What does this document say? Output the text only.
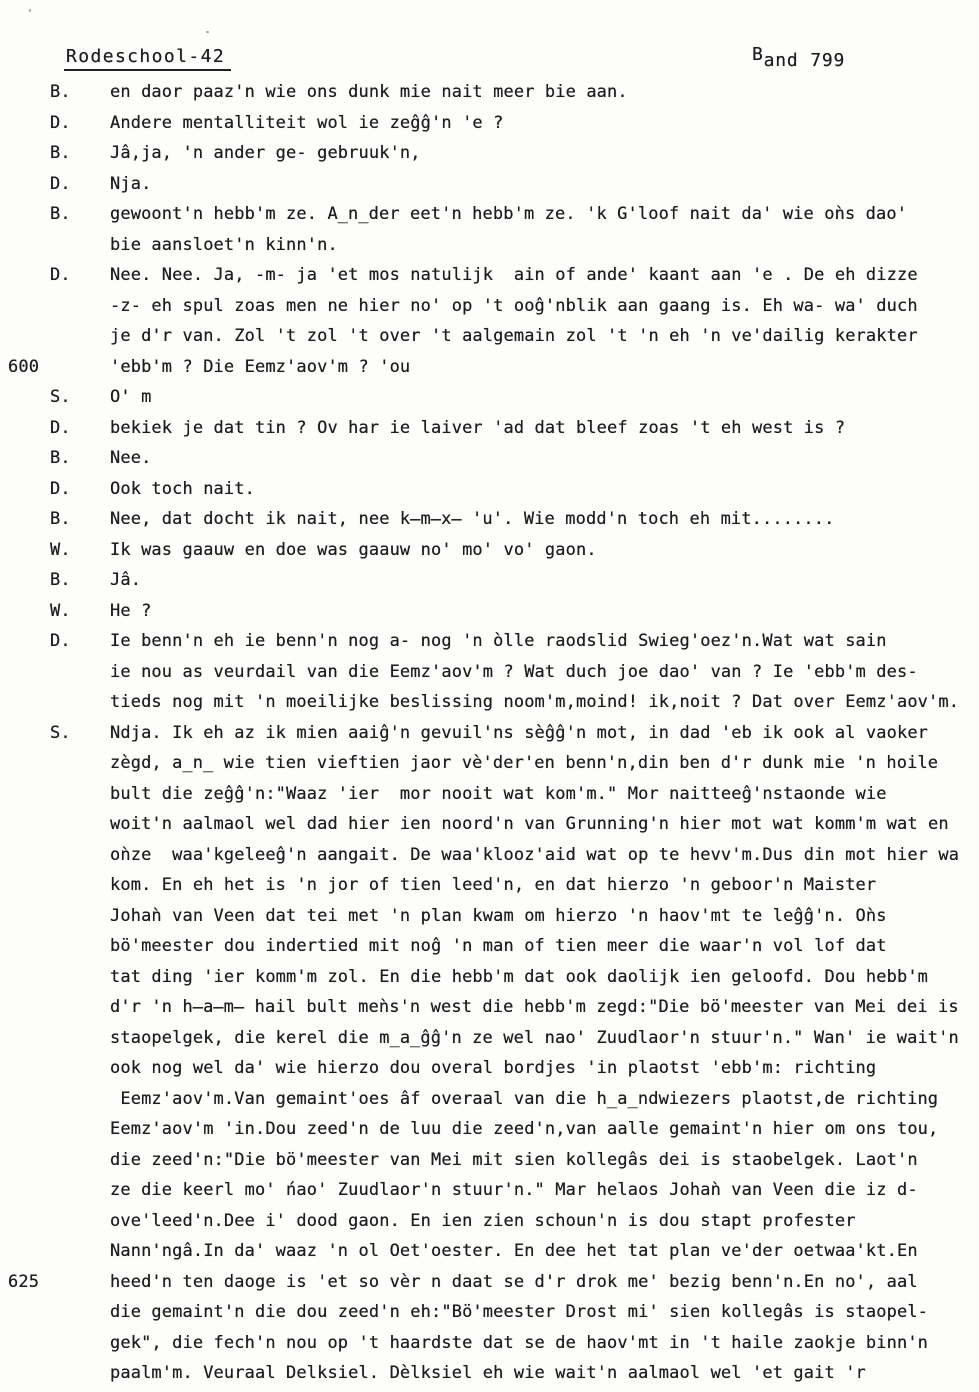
Rodeschool-42	Band 799
B. en daor paaz'n wie ons dunk mie nait meer bie aan.
D. Andere mentalliteit wol ie zeĝĝ'n 'e ?
B. Jâ,ja, 'n ander ge- gebruuk'n,
D. Nja.
B. gewoont'n hebb'm ze. A̲n̲der eet'n hebb'm ze. 'k G'loof nait da' wie oǹs dao'
bie aansloet'n kinn'n.
D. Nee. Nee. Ja, -m- ja 'et mos natulijk  ain of ande' kaant aan 'e . De eh dizze
-z- eh spul zoas men ne hier no' op 't ooĝ'nblik aan gaang is. Eh wa- wa' duch
je d'r van. Zol 't zol 't over 't aalgemain zol 't 'n eh 'n ve'dailig kerakter
600	'ebb'm ? Die Eemz'aov'm ? 'ou
S. O' m
D. bekiek je dat tin ? Ov har ie laiver 'ad dat bleef zoas 't eh west is ?
B. Nee.
D. Ook toch nait.
B. Nee, dat docht ik nait, nee k̶m̶x̶ 'u'. Wie modd'n toch eh mit........
W. Ik was gaauw en doe was gaauw no' mo' vo' gaon.
B. Jâ.
W. He ?
D. Ie benn'n eh ie benn'n nog a- nog 'n òlle raodslid Swieg'oez'n.Wat wat sain
ie nou as veurdail van die Eemz'aov'm ? Wat duch joe dao' van ? Ie 'ebb'm des-
tieds nog mit 'n moeilijke beslissing noom'm,moind! ik,noit ? Dat over Eemz'aov'm.
S. Ndja. Ik eh az ik mien aaiĝ'n gevuil'ns sèĝĝ'n mot, in dad 'eb ik ook al vaoker
zègd, a̲n̲ wie tien vieftien jaor vè'der'en benn'n,din ben d'r dunk mie 'n hoile
bult die zeĝĝ'n:"Waaz 'ier  mor nooit wat kom'm." Mor naitteeĝ'nstaonde wie
woit'n aalmaol wel dad hier ien noord'n van Grunning'n hier mot wat komm'm wat en
oǹze  waa'kgeleeĝ'n aangait. De waa'klooz'aid wat op te hevv'm.Dus din mot hier wa
kom. En eh het is 'n jor of tien leed'n, en dat hierzo 'n geboor'n Maister
Johaǹ van Veen dat tei met 'n plan kwam om hierzo 'n haov'mt te leĝĝ'n. Oǹs
bö'meester dou indertied mit noĝ 'n man of tien meer die waar'n vol lof dat
tat ding 'ier komm'm zol. En die hebb'm dat ook daolijk ien geloofd. Dou hebb'm
d'r 'n h̶a̶m̶ hail bult meǹs'n west die hebb'm zegd:"Die bö'meester van Mei dei is
staopelgek, die kerel die m̲a̲ĝĝ'n ze wel nao' Zuudlaor'n stuur'n." Wan' ie wait'n
ook nog wel da' wie hierzo dou overal bordjes 'in plaotst 'ebb'm: richting
Eemz'aov'm.Van gemaint'oes âf overaal van die h̲a̲ndwiezers plaotst,de richting
Eemz'aov'm 'in.Dou zeed'n de luu die zeed'n,van aalle gemaint'n hier om ons tou,
die zeed'n:"Die bö'meester van Mei mit sien kollegâs dei is staobelgek. Laot'n
ze die keerl mo' ńao' Zuudlaor'n stuur'n." Mar helaos Johaǹ van Veen die iz d-
ove'leed'n.Dee i' dood gaon. En ien zien schoun'n is dou stapt profester
Nann'ngâ.In da' waaz 'n ol Oet'oester. En dee het tat plan ve'der oetwaa'kt.En
625	heed'n ten daoge is 'et so vèr n daat se d'r drok me' bezig benn'n.En no', aal
die gemaint'n die dou zeed'n eh:"Bö'meester Drost mi' sien kollegâs is staopel-
gek", die fech'n nou op 't haardste dat se de haov'mt in 't haile zaokje binn'n
paalm'm. Veuraal Delksiel. Dèlksiel eh wie wait'n aalmaol wel 'et gait 'r
